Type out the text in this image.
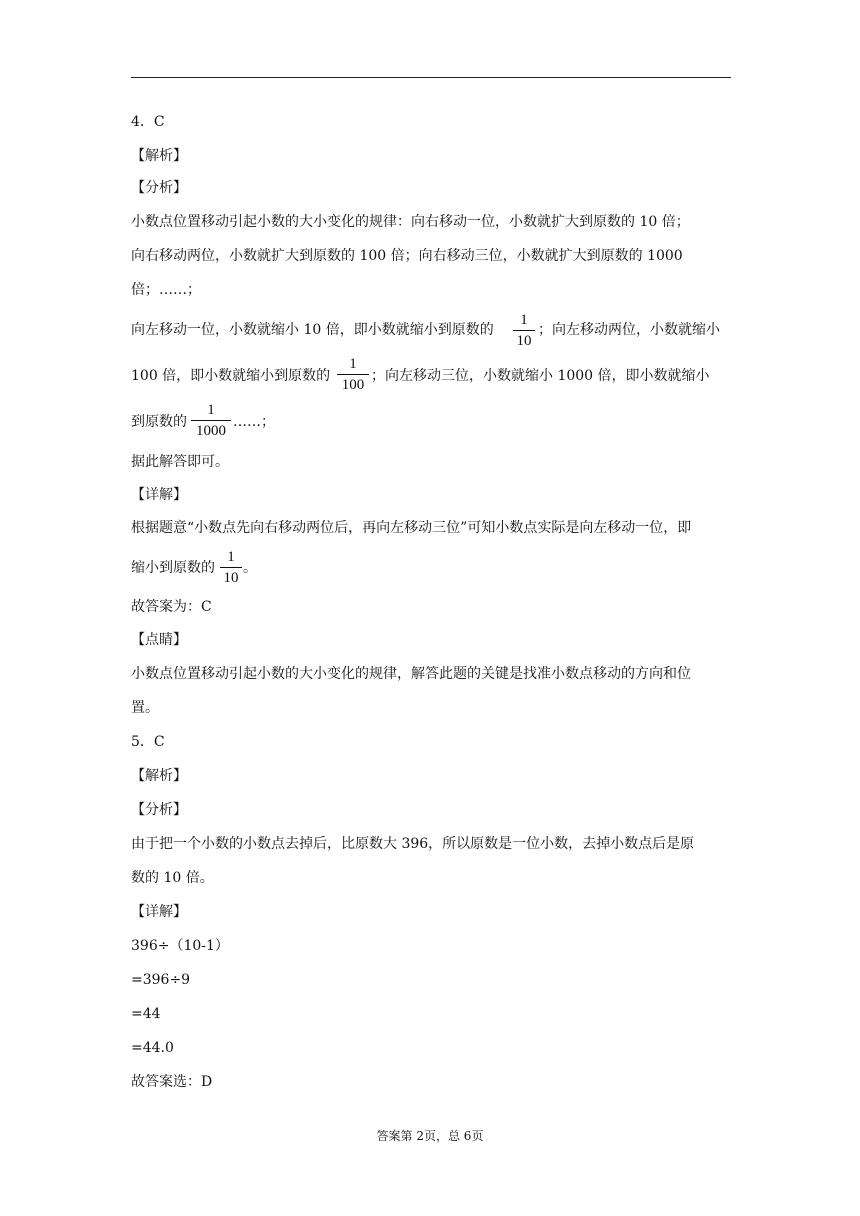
4．C
【解析】
【分析】
小数点位置移动引起小数的大小变化的规律：向右移动一位，小数就扩大到原数的 10 倍；
向右移动两位，小数就扩大到原数的 100 倍；向右移动三位，小数就扩大到原数的 1000
倍；……；
向左移动一位，小数就缩小 10 倍，即小数就缩小到原数的
1
10
；向左移动两位，小数就缩小
100 倍，即小数就缩小到原数的
1
100
；向左移动三位，小数就缩小 1000 倍，即小数就缩小
到原数的
1
1000
……；
据此解答即可。
【详解】
根据题意“小数点先向右移动两位后，再向左移动三位”可知小数点实际是向左移动一位，即
缩小到原数的
1
10
。
故答案为：C
【点睛】
小数点位置移动引起小数的大小变化的规律，解答此题的关键是找准小数点移动的方向和位
置。
5．C
【解析】
【分析】
由于把一个小数的小数点去掉后，比原数大 396，所以原数是一位小数，去掉小数点后是原
数的 10 倍。
【详解】
396÷（10-1）
=396÷9
=44
=44.0
故答案选：D
答案第 2页，总 6页
